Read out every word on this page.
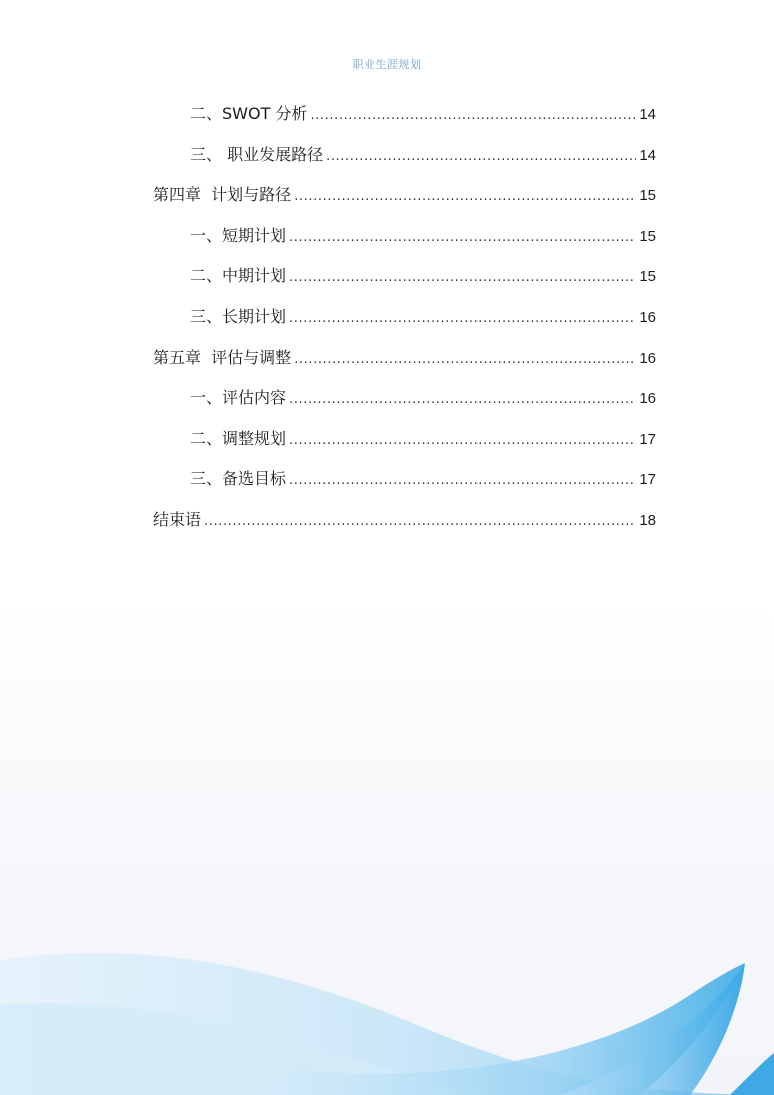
职业生涯规划
二、SWOT 分析 .....	14
三、 职业发展路径 .....	14
第四章  计划与路径 .....	15
一、短期计划 .....	15
二、中期计划 .....	15
三、长期计划 .....	16
第五章  评估与调整 .....	16
一、评估内容 .....	16
二、调整规划 .....	17
三、备选目标 .....	17
结束语 .....	18
